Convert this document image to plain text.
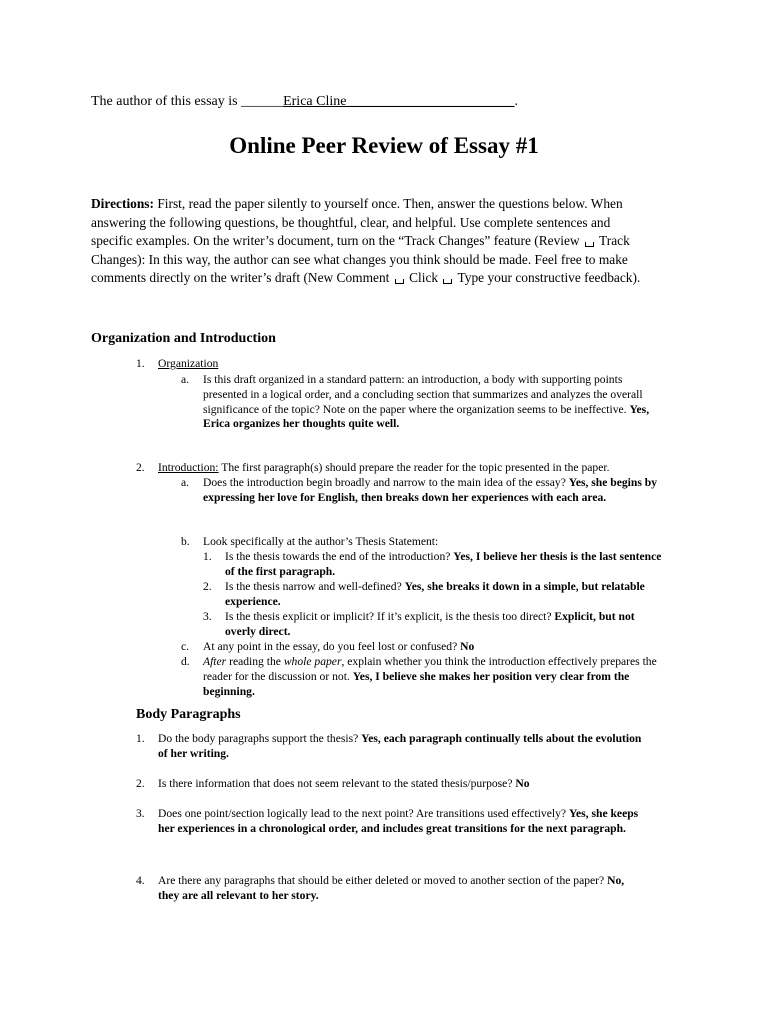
The author of this essay is ______Erica Cline________________________.
Online Peer Review of Essay #1
Directions: First, read the paper silently to yourself once. Then, answer the questions below. When answering the following questions, be thoughtful, clear, and helpful. Use complete sentences and specific examples. On the writer’s document, turn on the “Track Changes” feature (Review  Track Changes): In this way, the author can see what changes you think should be made. Feel free to make comments directly on the writer’s draft (New Comment  Click  Type your constructive feedback).
Organization and Introduction
1. Organization
a. Is this draft organized in a standard pattern: an introduction, a body with supporting points presented in a logical order, and a concluding section that summarizes and analyzes the overall significance of the topic? Note on the paper where the organization seems to be ineffective. Yes, Erica organizes her thoughts quite well.
2. Introduction: The first paragraph(s) should prepare the reader for the topic presented in the paper.
a. Does the introduction begin broadly and narrow to the main idea of the essay? Yes, she begins by expressing her love for English, then breaks down her experiences with each area.
b. Look specifically at the author’s Thesis Statement:
1. Is the thesis towards the end of the introduction? Yes, I believe her thesis is the last sentence of the first paragraph.
2. Is the thesis narrow and well-defined? Yes, she breaks it down in a simple, but relatable experience.
3. Is the thesis explicit or implicit? If it’s explicit, is the thesis too direct? Explicit, but not overly direct.
c. At any point in the essay, do you feel lost or confused? No
d. After reading the whole paper, explain whether you think the introduction effectively prepares the reader for the discussion or not. Yes, I believe she makes her position very clear from the beginning.
Body Paragraphs
1. Do the body paragraphs support the thesis? Yes, each paragraph continually tells about the evolution of her writing.
2. Is there information that does not seem relevant to the stated thesis/purpose? No
3. Does one point/section logically lead to the next point? Are transitions used effectively? Yes, she keeps her experiences in a chronological order, and includes great transitions for the next paragraph.
4. Are there any paragraphs that should be either deleted or moved to another section of the paper? No, they are all relevant to her story.
